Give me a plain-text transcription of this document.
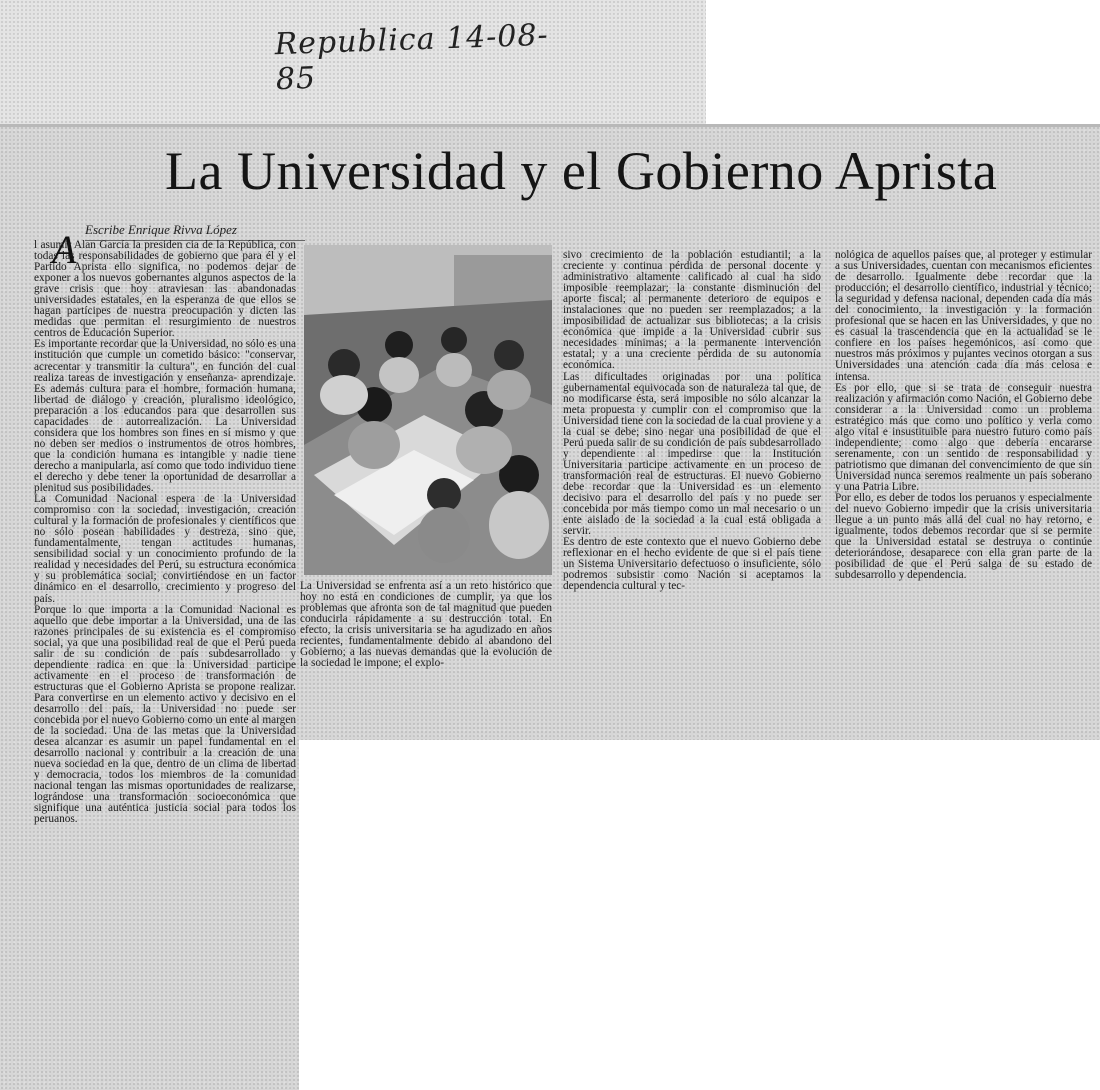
Republica 14-08-85
La Universidad y el Gobierno Aprista
Escribe Enrique Rivva López
A
l asumir Alan García la presiden cia de la República, con todas las responsabilidades de gobierno que para él y el Partido Aprista ello significa, no podemos dejar de exponer a los nuevos gobernantes algunos aspectos de la grave crisis que hoy atraviesan las abandonadas universidades estatales, en la esperanza de que ellos se hagan partícipes de nuestra preocupación y dicten las medidas que permitan el resurgimiento de nuestros centros de Educación Superior.
Es importante recordar que la Universidad, no sólo es una institución que cumple un cometido básico: "conservar, acrecentar y transmitir la cultura", en función del cual realiza tareas de investigación y enseñanza- aprendizaje. Es además cultura para el hombre, formación humana, libertad de diálogo y creación, pluralismo ideológico, preparación a los educandos para que desarrollen sus capacidades de autorrealización. La Universidad considera que los hombres son fines en sí mismo y que no deben ser medios o instrumentos de otros hombres, que la condición humana es intangible y nadie tiene derecho a manipularla, así como que todo individuo tiene el derecho y debe tener la oportunidad de desarrollar a plenitud sus posibilidades.
La Comunidad Nacional espera de la Universidad compromiso con la sociedad, investigación, creación cultural y la formación de profesionales y científicos que no sólo posean habilidades y destreza, sino que, fundamentalmente, tengan actitudes humanas, sensibilidad social y un conocimiento profundo de la realidad y necesidades del Perú, su estructura económica y su problemática social; convirtiéndose en un factor dinámico en el desarrollo, crecimiento y progreso del país.
Porque lo que importa a la Comunidad Nacional es aquello que debe importar a la Universidad, una de las razones principales de su existencia es el compromiso social, ya que una posibilidad real de que el Perú pueda salir de su condición de país subdesarrollado y dependiente radica en que la Universidad participe activamente en el proceso de transformación de estructuras que el Gobierno Aprista se propone realizar. Para convertirse en un elemento activo y decisivo en el desarrollo del país, la Universidad no puede ser concebida por el nuevo Gobierno como un ente al margen de la sociedad. Una de las metas que la Universidad desea alcanzar es asumir un papel fundamental en el desarrollo nacional y contribuir a la creación de una nueva sociedad en la que, dentro de un clima de libertad y democracia, todos los miembros de la comunidad nacional tengan las mismas oportunidades de realizarse, lográndose una transformación socioeconómica que signifique una auténtica justicia social para todos los peruanos.
La Universidad se enfrenta así a un reto histórico que hoy no está en condiciones de cumplir, ya que los problemas que afronta son de tal magnitud que pueden conducirla rápidamente a su destrucción total. En efecto, la crisis universitaria se ha agudizado en años recientes, fundamentalmente debido al abandono del Gobierno; a las nuevas demandas que la evolución de la sociedad le impone; el explo-
sivo crecimiento de la población estudiantil; a la creciente y continua pérdida de personal docente y administrativo altamente calificado al cual ha sido imposible reemplazar; la constante disminución del aporte fiscal; al permanente deterioro de equipos e instalaciones que no pueden ser reemplazados; a la imposibilidad de actualizar sus bibliotecas; a la crisis económica que impide a la Universidad cubrir sus necesidades mínimas; a la permanente intervención estatal; y a una creciente pérdida de su autonomía económica.
Las dificultades originadas por una política gubernamental equivocada son de naturaleza tal que, de no modificarse ésta, será imposible no sólo alcanzar la meta propuesta y cumplir con el compromiso que la Universidad tiene con la sociedad de la cual proviene y a la cual se debe; sino negar una posibilidad de que el Perú pueda salir de su condición de país subdesarrollado y dependiente al impedirse que la Institución Universitaria participe activamente en un proceso de transformación real de estructuras. El nuevo Gobierno debe recordar que la Universidad es un elemento decisivo para el desarrollo del país y no puede ser concebida por más tiempo como un mal necesario o un ente aislado de la sociedad a la cual está obligada a servir.
Es dentro de este contexto que el nuevo Gobierno debe reflexionar en el hecho evidente de que si el país tiene un Sistema Universitario defectuoso o insuficiente, sólo podremos subsistir como Nación si aceptamos la dependencia cultural y tec-
nológica de aquellos países que, al proteger y estimular a sus Universidades, cuentan con mecanismos eficientes de desarrollo. Igualmente debe recordar que la producción; el desarrollo científico, industrial y técnico; la seguridad y defensa nacional, dependen cada día más del conocimiento, la investigación y la formación profesional que se hacen en las Universidades, y que no es casual la trascendencia que en la actualidad se le confiere en los países hegemónicos, así como que nuestros más próximos y pujantes vecinos otorgan a sus Universidades una atención cada día más celosa e intensa.
Es por ello, que si se trata de conseguir nuestra realización y afirmación como Nación, el Gobierno debe considerar a la Universidad como un problema estratégico más que como uno político y verla como algo vital e insustituible para nuestro futuro como país independiente; como algo que debería encararse serenamente, con un sentido de responsabilidad y patriotismo que dimanan del convencimiento de que sin Universidad nunca seremos realmente un país soberano y una Patria Libre.
Por ello, es deber de todos los peruanos y especialmente del nuevo Gobierno impedir que la crisis universitaria llegue a un punto más allá del cual no hay retorno, e igualmente, todos debemos recordar que si se permite que la Universidad estatal se destruya o continúe deteriorándose, desaparece con ella gran parte de la posibilidad de que el Perú salga de su estado de subdesarrollo y dependencia.
